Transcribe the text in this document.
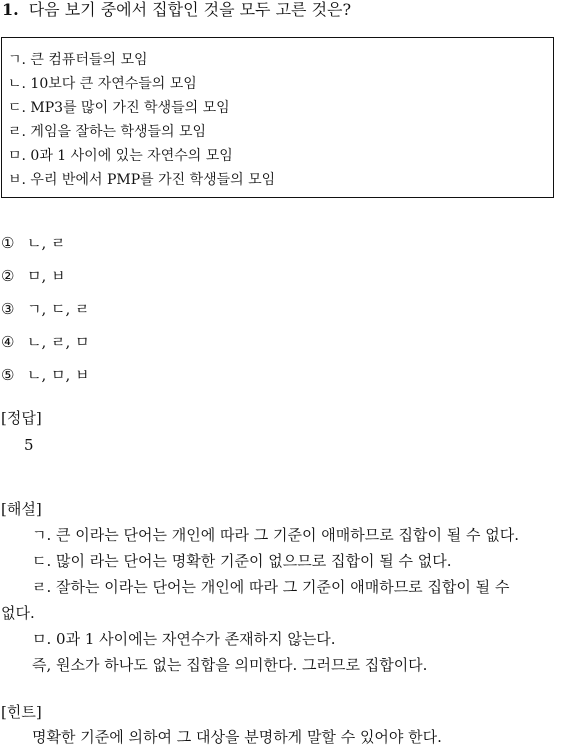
1. 다음 보기 중에서 집합인 것을 모두 고른 것은?
ㄱ. 큰 컴퓨터들의 모임
ㄴ. 10보다 큰 자연수들의 모임
ㄷ. MP3를 많이 가진 학생들의 모임
ㄹ. 게임을 잘하는 학생들의 모임
ㅁ. 0과 1 사이에 있는 자연수의 모임
ㅂ. 우리 반에서 PMP를 가진 학생들의 모임
① ㄴ, ㄹ
② ㅁ, ㅂ
③ ㄱ, ㄷ, ㄹ
④ ㄴ, ㄹ, ㅁ
⑤ ㄴ, ㅁ, ㅂ
[정답]
5
[해설]
ㄱ. 큰 이라는 단어는 개인에 따라 그 기준이 애매하므로 집합이 될 수 없다.
ㄷ. 많이 라는 단어는 명확한 기준이 없으므로 집합이 될 수 없다.
ㄹ. 잘하는 이라는 단어는 개인에 따라 그 기준이 애매하므로 집합이 될 수
없다.
ㅁ. 0과 1 사이에는 자연수가 존재하지 않는다.
즉, 원소가 하나도 없는 집합을 의미한다. 그러므로 집합이다.
[힌트]
명확한 기준에 의하여 그 대상을 분명하게 말할 수 있어야 한다.
